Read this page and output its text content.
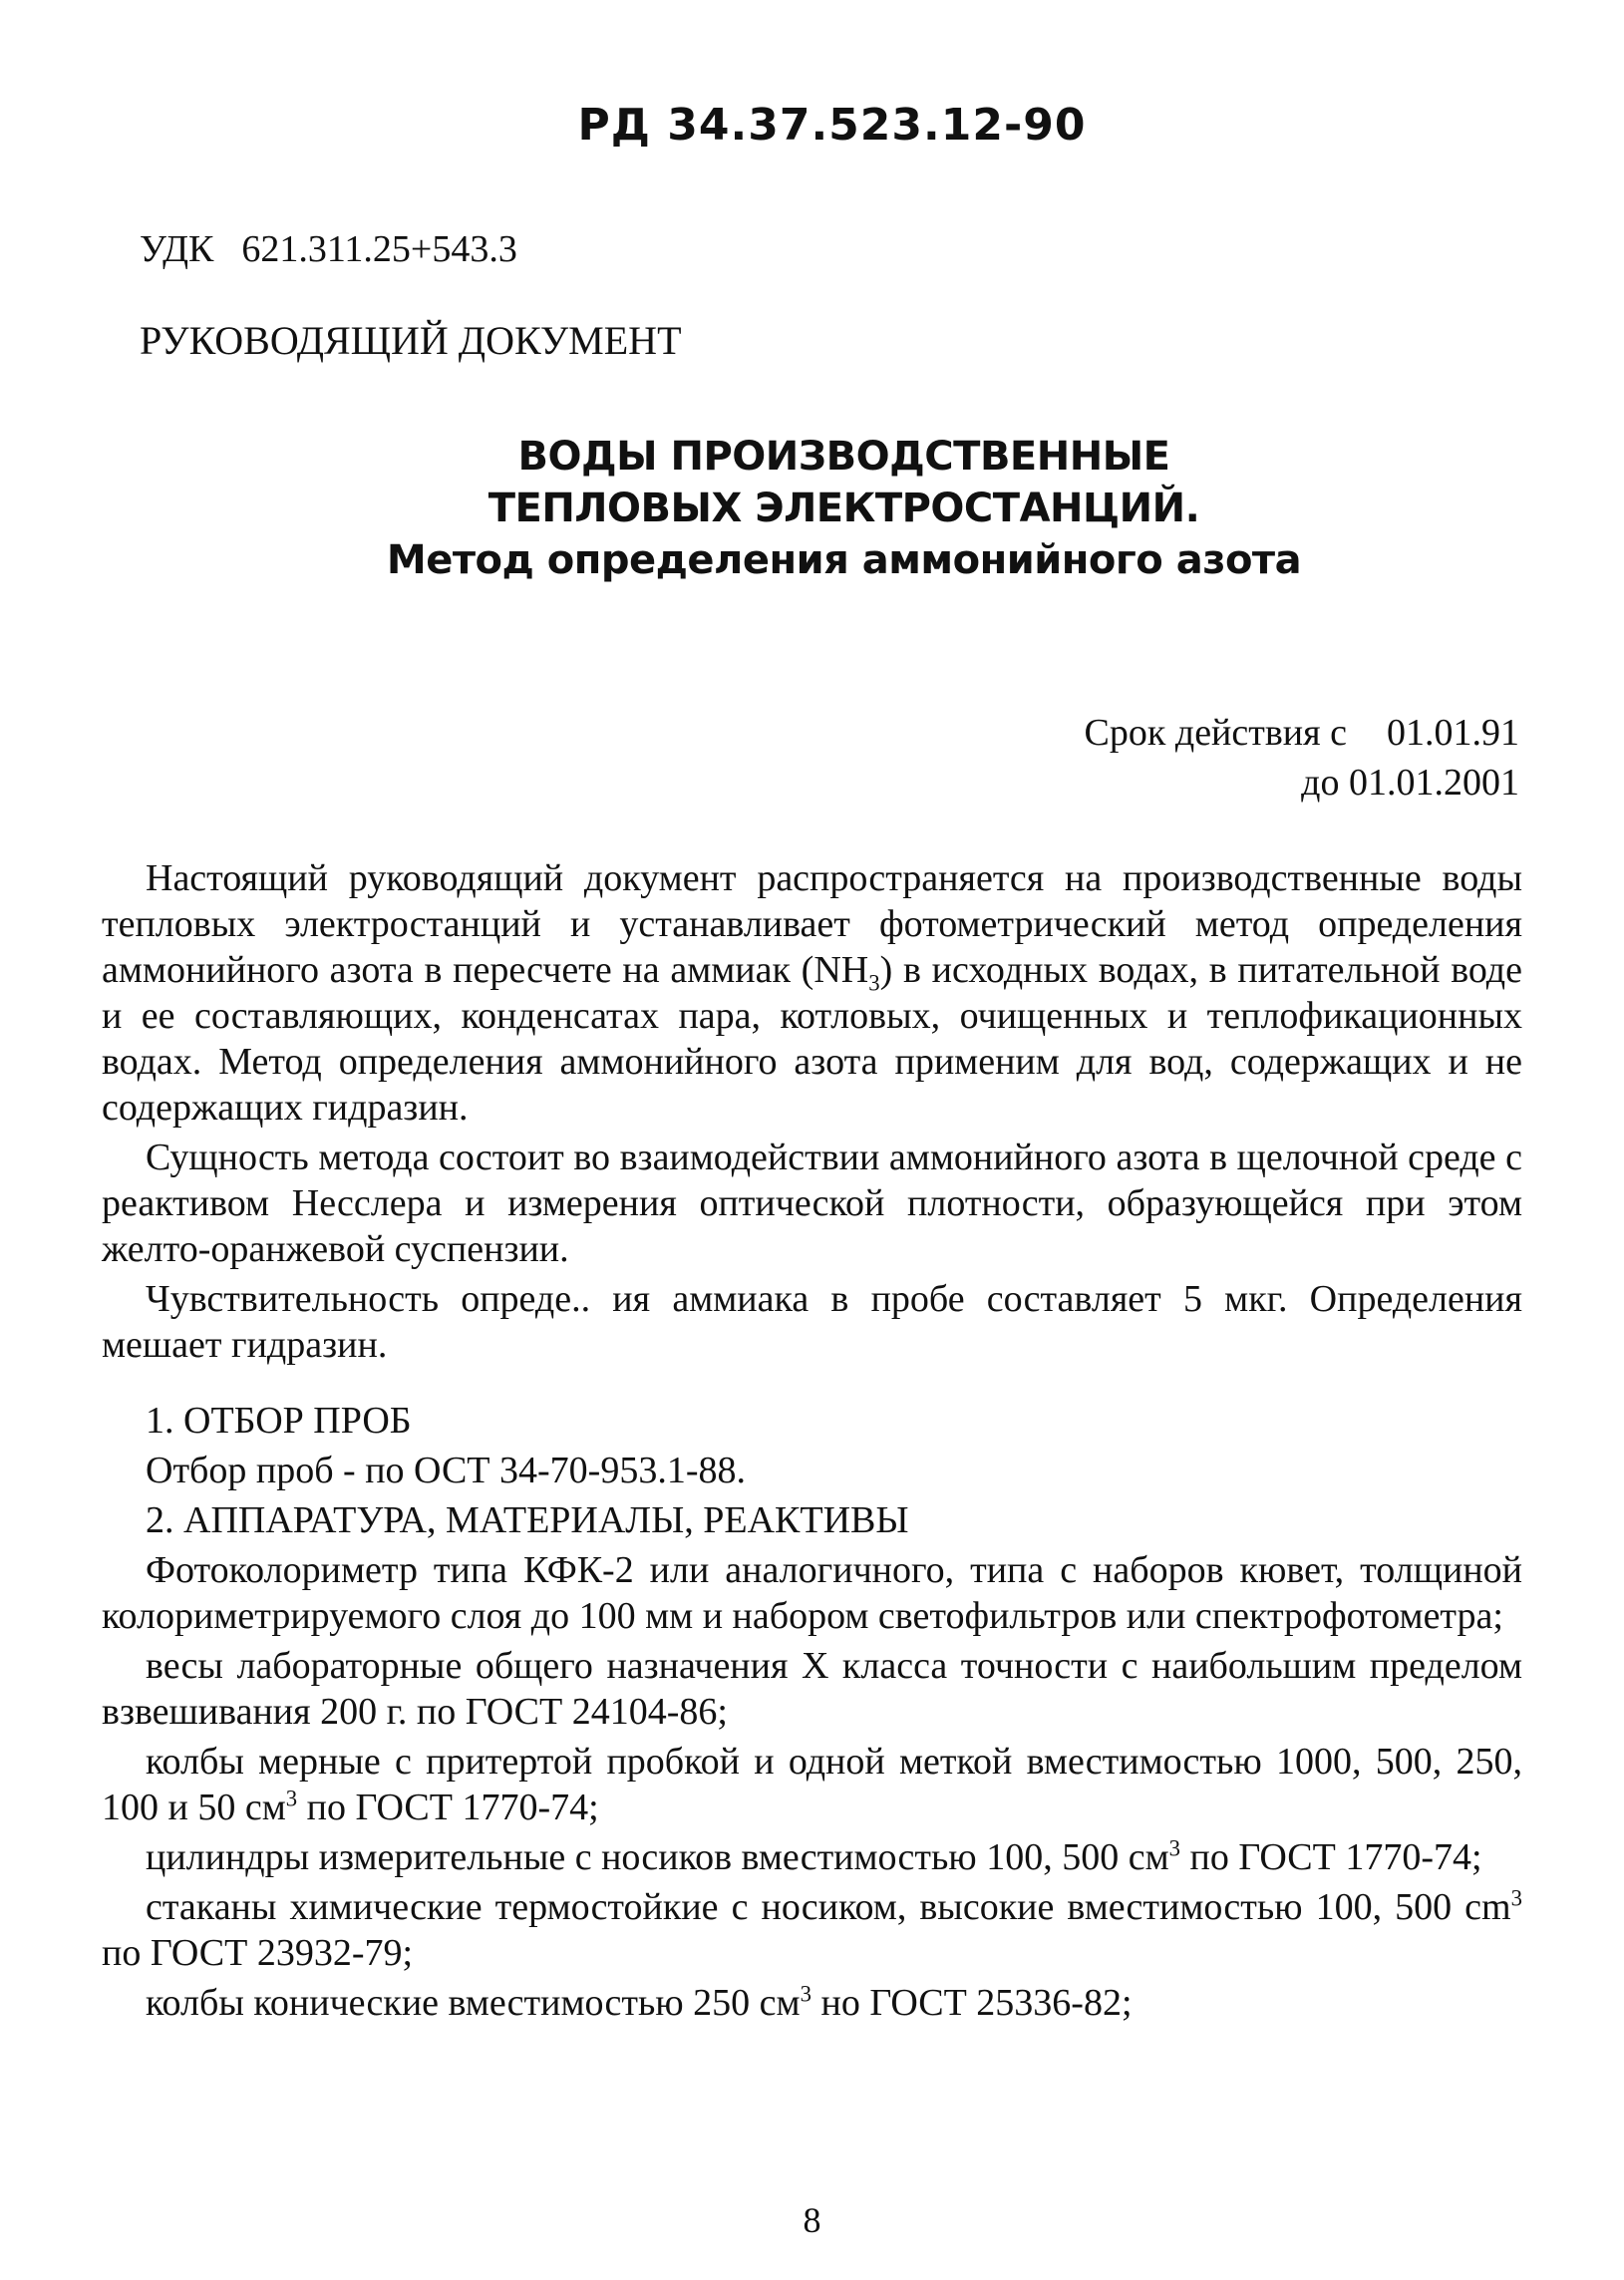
РД 34.37.523.12-90
УДК 621.311.25+543.3
РУКОВОДЯЩИЙ ДОКУМЕНТ
ВОДЫ ПРОИЗВОДСТВЕННЫЕ
ТЕПЛОВЫХ ЭЛЕКТРОСТАНЦИЙ.
Метод определения аммонийного азота
Срок действия с 01.01.91
до 01.01.2001

Настоящий руководящий документ распространяется на производственные воды тепловых электростанций и устанавливает фотометрический метод определения аммонийного азота в пересчете на аммиак $(NH_3)$ в исходных водах, в питательной воде и ее составляющих, конденсатах пара, котловых, очищенных и теплофикационных водах. Метод определения аммонийного азота применим для вод, содержащих и не содержащих гидразин.

Сущность метода состоит во взаимодействии аммонийного азота в щелочной среде с реактивом Несслера и измерения оптической плотности, образующейся при этом желто-оранжевой суспензии.

Чувствительность опреде.. ия аммиака в пробе составляет 5 мкг. Определения мешает гидразин.

1. ОТБОР ПРОБ

Отбор проб - по ОСТ 34-70-953.1-88.

2. АППАРАТУРА, МАТЕРИАЛЫ, РЕАКТИВЫ

Фотоколориметр типа КФК-2 или аналогичного, типа с наборов кювет, толщиной колориметрируемого слоя до 100 мм и набором светофильтров или спектрофотометра;

весы лабораторные общего назначения X класса точности с наибольшим пределом взвешивания 200 г. по ГОСТ 24104-86;

колбы мерные с притертой пробкой и одной меткой вместимостью 1000, 500, 250, 100 и 50 $см^3$ по ГОСТ 1770-74;

цилиндры измерительные с носиков вместимостью 100, 500 $см^3$ по ГОСТ 1770-74;

стаканы химические термостойкие с носиком, высокие вместимостью 100, 500 $cm^3$ по ГОСТ 23932-79;

колбы конические вместимостью 250 $см^3$ но ГОСТ 25336-82;

8
